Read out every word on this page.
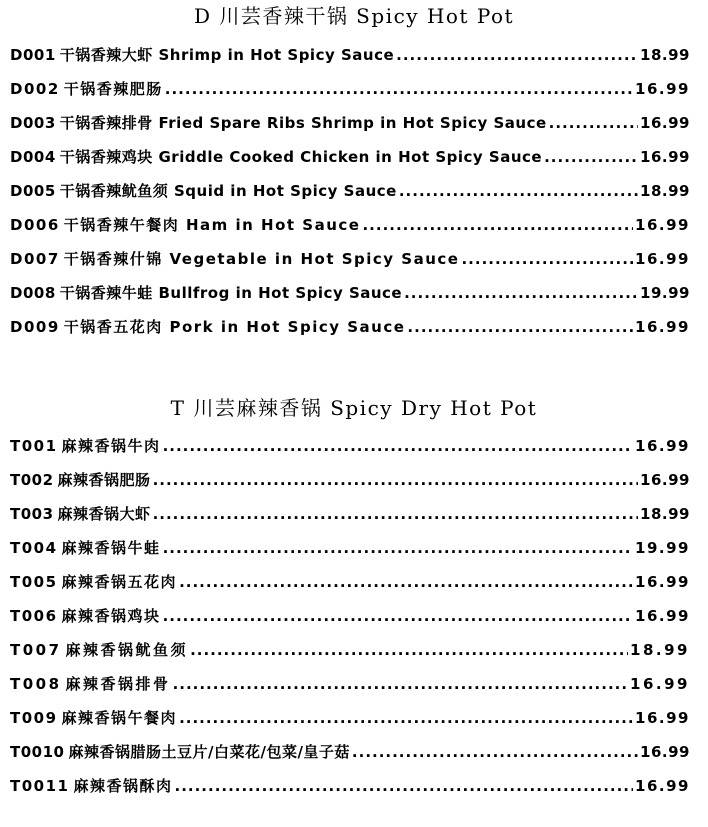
D 川芸香辣干锅 Spicy Hot Pot
D001 干锅香辣大虾 Shrimp in Hot Spicy Sauce .....	18.99
D002 干锅香辣肥肠 .....	16.99
D003 干锅香辣排骨 Fried Spare Ribs Shrimp in Hot Spicy Sauce .....	16.99
D004 干锅香辣鸡块 Griddle Cooked Chicken in Hot Spicy Sauce .....	16.99
D005 干锅香辣鱿鱼须 Squid in Hot Spicy Sauce .....	18.99
D006 干锅香辣午餐肉 Ham in Hot Sauce .....	16.99
D007 干锅香辣什锦 Vegetable in Hot Spicy Sauce .....	16.99
D008 干锅香辣牛蛙 Bullfrog in Hot Spicy Sauce .....	19.99
D009 干锅香五花肉 Pork in Hot Spicy Sauce .....	16.99
T 川芸麻辣香锅 Spicy Dry Hot Pot
T001 麻辣香锅牛肉 .....	16.99
T002 麻辣香锅肥肠 .....	16.99
T003 麻辣香锅大虾 .....	18.99
T004 麻辣香锅牛蛙 .....	19.99
T005 麻辣香锅五花肉 .....	16.99
T006 麻辣香锅鸡块 .....	16.99
T007 麻辣香锅鱿鱼须 .....	18.99
T008 麻辣香锅排骨 .....	16.99
T009 麻辣香锅午餐肉 .....	16.99
T0010 麻辣香锅腊肠土豆片/白菜花/包菜/皇子菇 .....	16.99
T0011 麻辣香锅酥肉 .....	16.99
